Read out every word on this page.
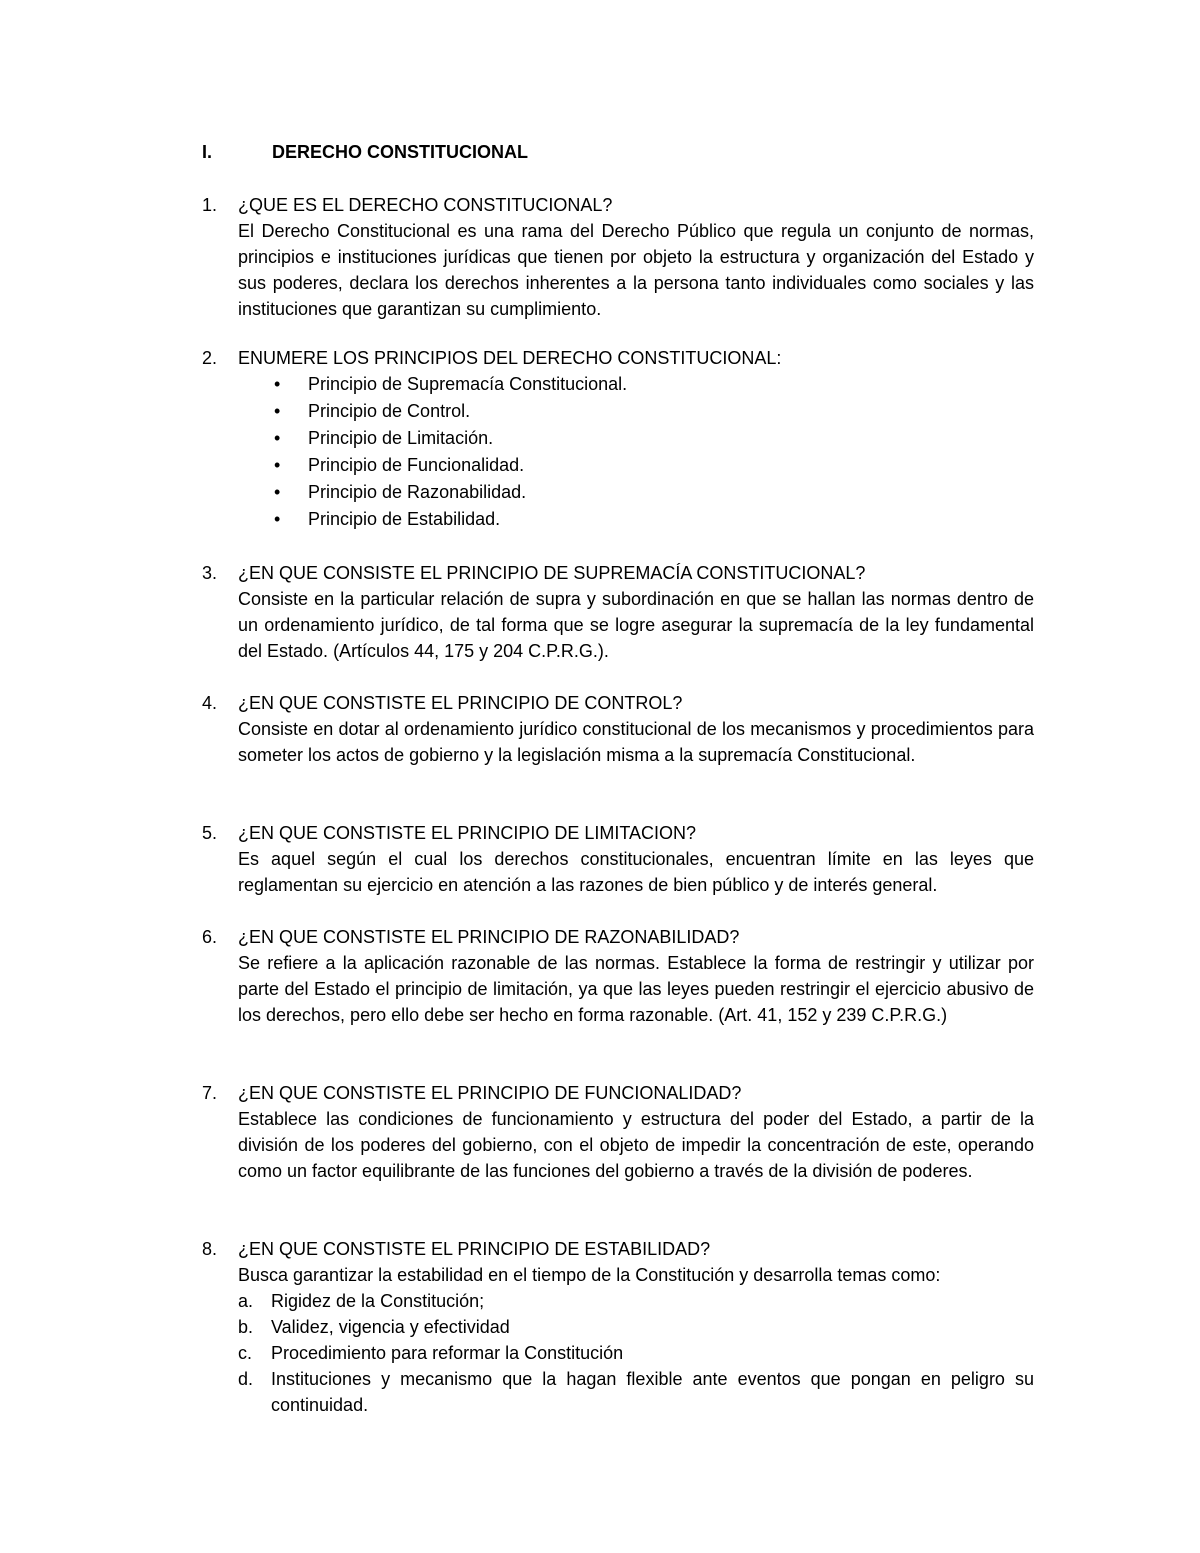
I.	DERECHO CONSTITUCIONAL
1.	¿QUE ES EL DERECHO CONSTITUCIONAL?
El Derecho Constitucional es una rama del Derecho Público que regula un conjunto de normas, principios e instituciones jurídicas que tienen por objeto la estructura y organización del Estado y sus poderes, declara los derechos inherentes a la persona tanto individuales como sociales y las instituciones que garantizan su cumplimiento.
2.	ENUMERE LOS PRINCIPIOS DEL DERECHO CONSTITUCIONAL:
• Principio de Supremacía Constitucional.
• Principio de Control.
• Principio de Limitación.
• Principio de Funcionalidad.
• Principio de Razonabilidad.
• Principio de Estabilidad.
3.	¿EN QUE CONSISTE EL PRINCIPIO DE SUPREMACÍA CONSTITUCIONAL?
Consiste en la particular relación de supra y subordinación en que se hallan las normas dentro de un ordenamiento jurídico, de tal forma que se logre asegurar la supremacía de la ley fundamental del Estado. (Artículos 44, 175 y 204 C.P.R.G.).
4.	¿EN QUE CONSTISTE EL PRINCIPIO DE CONTROL?
Consiste en dotar al ordenamiento jurídico constitucional de los mecanismos y procedimientos para someter los actos de gobierno y la legislación misma a la supremacía Constitucional.
5.	¿EN QUE CONSTISTE EL PRINCIPIO DE LIMITACION?
Es aquel según el cual los derechos constitucionales, encuentran límite en las leyes que reglamentan su ejercicio en atención a las razones de bien público y de interés general.
6.	¿EN QUE CONSTISTE EL PRINCIPIO DE RAZONABILIDAD?
Se refiere a la aplicación razonable de las normas. Establece la forma de restringir y utilizar por parte del Estado el principio de limitación, ya que las leyes pueden restringir el ejercicio abusivo de los derechos, pero ello debe ser hecho en forma razonable. (Art. 41, 152 y 239 C.P.R.G.)
7.	¿EN QUE CONSTISTE EL PRINCIPIO DE FUNCIONALIDAD?
Establece las condiciones de funcionamiento y estructura del poder del Estado, a partir de la división de los poderes del gobierno, con el objeto de impedir la concentración de este, operando como un factor equilibrante de las funciones del gobierno a través de la división de poderes.
8.	¿EN QUE CONSTISTE EL PRINCIPIO DE ESTABILIDAD?
Busca garantizar la estabilidad en el tiempo de la Constitución y desarrolla temas como:
a. Rigidez de la Constitución;
b. Validez, vigencia y efectividad
c. Procedimiento para reformar la Constitución
d. Instituciones y mecanismo que la hagan flexible ante eventos que pongan en peligro su continuidad.
